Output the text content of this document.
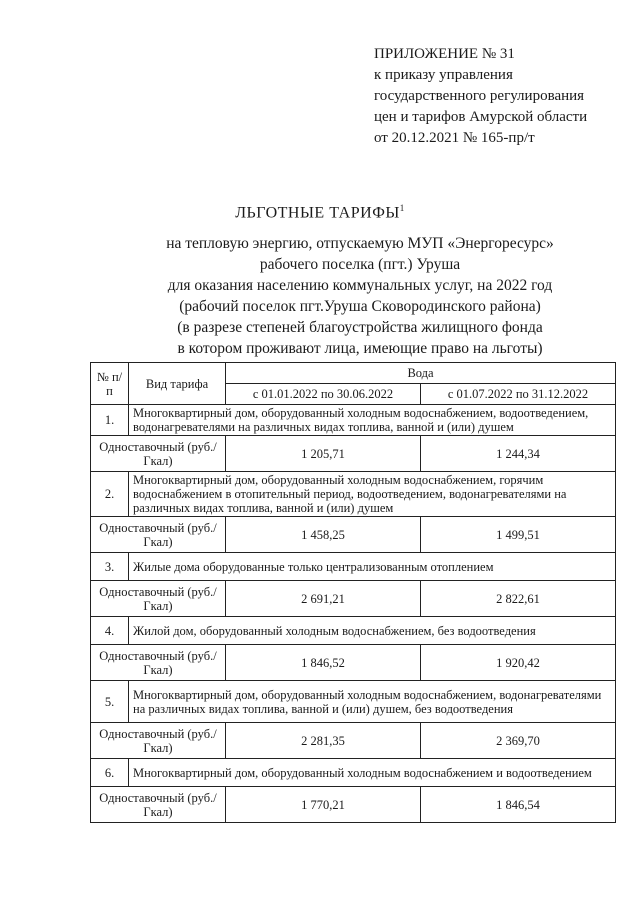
ПРИЛОЖЕНИЕ № 31
к приказу управления
государственного регулирования
цен и тарифов Амурской области
от 20.12.2021 № 165-пр/т
ЛЬГОТНЫЕ ТАРИФЫ$^1$
на тепловую энергию, отпускаемую МУП «Энергоресурс»
рабочего поселка (пгт.) Уруша
для оказания населению коммунальных услуг, на 2022 год
(рабочий поселок пгт.Уруша Сковородинского района)
(в разрезе степеней благоустройства жилищного фонда
в котором проживают лица, имеющие право на льготы)
№ п/п	Вид тарифа	Вода	
		с 01.01.2022 по 30.06.2022	с 01.07.2022 по 31.12.2022
1.	Многоквартирный дом, оборудованный холодным водоснабжением, водоотведением, водонагревателями на различных видах топлива, ванной и (или) душем		
Одноставочный (руб./Гкал)		1 205,71	1 244,34
2.	Многоквартирный дом, оборудованный холодным водоснабжением, горячим водоснабжением в отопительный период, водоотведением, водонагревателями на различных видах топлива, ванной и (или) душем		
Одноставочный (руб./Гкал)		1 458,25	1 499,51
3.	Жилые дома оборудованные только централизованным отоплением		
Одноставочный (руб./Гкал)		2 691,21	2 822,61
4.	Жилой дом, оборудованный холодным водоснабжением, без водоотведения		
Одноставочный (руб./Гкал)		1 846,52	1 920,42
5.	Многоквартирный дом, оборудованный холодным водоснабжением, водонагревателями на различных видах топлива, ванной и (или) душем, без водоотведения		
Одноставочный (руб./Гкал)		2 281,35	2 369,70
6.	Многоквартирный дом, оборудованный холодным водоснабжением и водоотведением		
Одноставочный (руб./Гкал)		1 770,21	1 846,54
